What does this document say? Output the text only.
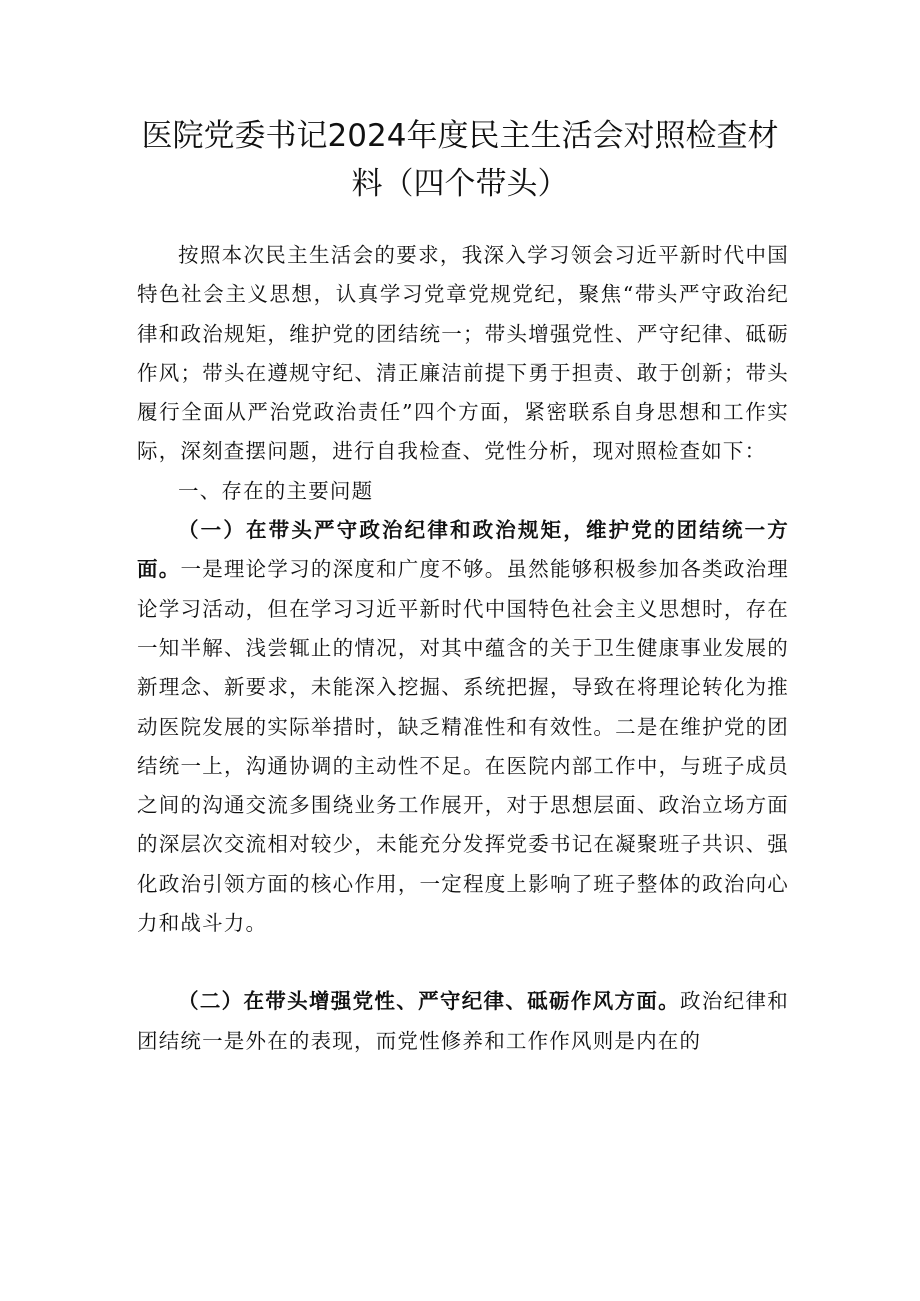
医院党委书记2024年度民主生活会对照检查材料（四个带头）

按照本次民主生活会的要求，我深入学习领会习近平新时代中国特色社会主义思想，认真学习党章党规党纪，聚焦“带头严守政治纪律和政治规矩，维护党的团结统一；带头增强党性、严守纪律、砥砺作风；带头在遵规守纪、清正廉洁前提下勇于担责、敢于创新；带头履行全面从严治党政治责任”四个方面，紧密联系自身思想和工作实际，深刻查摆问题，进行自我检查、党性分析，现对照检查如下：

一、存在的主要问题

（一）在带头严守政治纪律和政治规矩，维护党的团结统一方面。一是理论学习的深度和广度不够。虽然能够积极参加各类政治理论学习活动，但在学习习近平新时代中国特色社会主义思想时，存在一知半解、浅尝辄止的情况，对其中蕴含的关于卫生健康事业发展的新理念、新要求，未能深入挖掘、系统把握，导致在将理论转化为推动医院发展的实际举措时，缺乏精准性和有效性。二是在维护党的团结统一上，沟通协调的主动性不足。在医院内部工作中，与班子成员之间的沟通交流多围绕业务工作展开，对于思想层面、政治立场方面的深层次交流相对较少，未能充分发挥党委书记在凝聚班子共识、强化政治引领方面的核心作用，一定程度上影响了班子整体的政治向心力和战斗力。

（二）在带头增强党性、严守纪律、砥砺作风方面。政治纪律和团结统一是外在的表现，而党性修养和工作作风则是内在的
